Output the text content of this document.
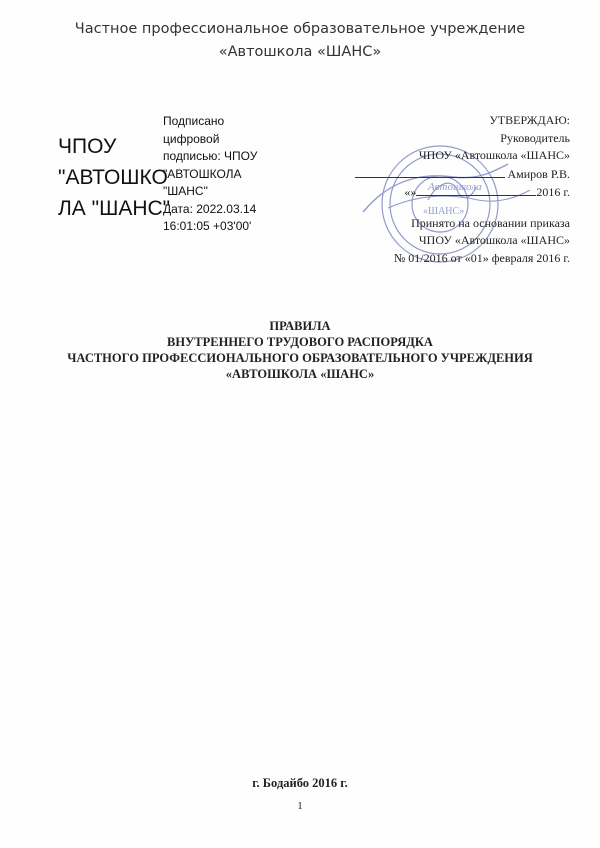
Частное профессиональное образовательное учреждение
«Автошкола «ШАНС»
ЧПОУ
"АВТОШКО
ЛА "ШАНС"
Подписано
цифровой
подписью: ЧПОУ
"АВТОШКОЛА
"ШАНС"
Дата: 2022.03.14
16:01:05 +03'00'
Автошкола
«ШАНС»
УТВЕРЖДАЮ:
Руководитель
ЧПОУ «Автошкола «ШАНС»
Амиров Р.В.
«»	2016 г.
Принято на основании приказа
ЧПОУ «Автошкола «ШАНС»
№ 01/2016 от «01» февраля 2016 г.
ПРАВИЛА
ВНУТРЕННЕГО ТРУДОВОГО РАСПОРЯДКА
ЧАСТНОГО ПРОФЕССИОНАЛЬНОГО ОБРАЗОВАТЕЛЬНОГО УЧРЕЖДЕНИЯ
«АВТОШКОЛА «ШАНС»
г. Бодайбо 2016 г.
1
